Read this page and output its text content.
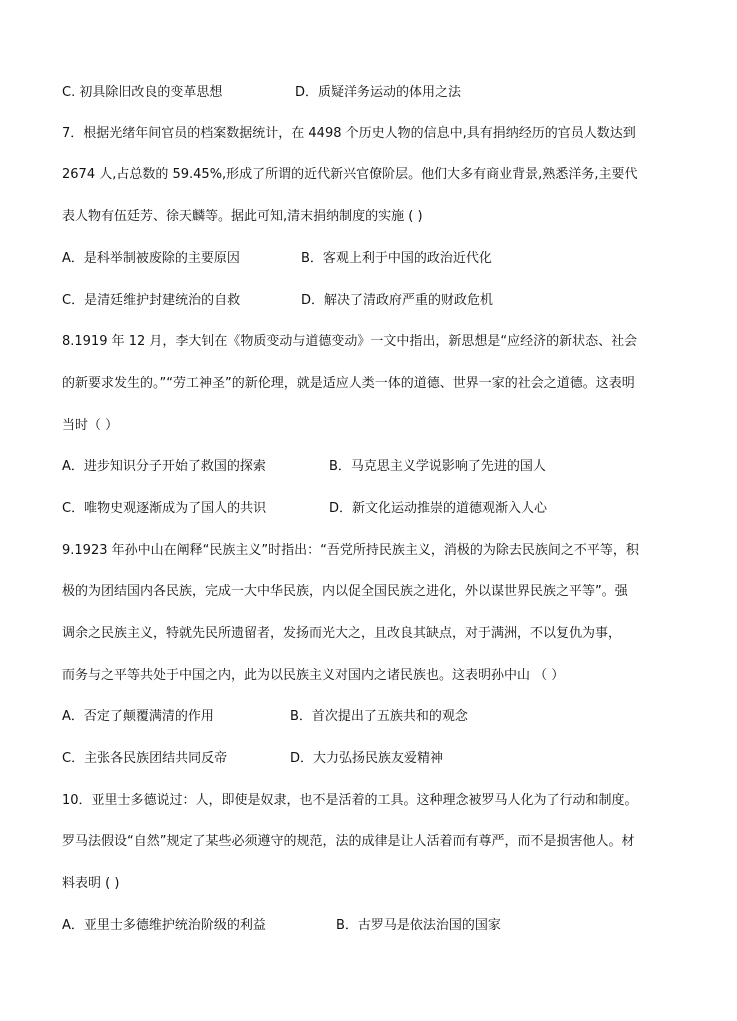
C. 初具除旧改良的变革思想	D．质疑洋务运动的体用之法
7．根据光绪年间官员的档案数据统计，在 4498 个历史人物的信息中,具有捐纳经历的官员人数达到
2674 人,占总数的 59.45%,形成了所谓的近代新兴官僚阶层。他们大多有商业背景,熟悉洋务,主要代
表人物有伍廷芳、徐天麟等。据此可知,清末捐纳制度的实施 ( )
A．是科举制被废除的主要原因	B．客观上利于中国的政治近代化
C．是清廷维护封建统治的自救	D．解决了清政府严重的财政危机
8.1919 年 12 月，李大钊在《物质变动与道德变动》一文中指出，新思想是“应经济的新状态、社会
的新要求发生的。”“劳工神圣”的新伦理，就是适应人类一体的道德、世界一家的社会之道德。这表明
当时（ ）
A．进步知识分子开始了救国的探索	B．马克思主义学说影响了先进的国人
C．唯物史观逐渐成为了国人的共识	D．新文化运动推崇的道德观渐入人心
9.1923 年孙中山在阐释“民族主义”时指出：“吾党所持民族主义，消极的为除去民族间之不平等，积
极的为团结国内各民族，完成一大中华民族，内以促全国民族之进化，外以谋世界民族之平等”。强
调余之民族主义，特就先民所遗留者，发扬而光大之，且改良其缺点，对于满洲，不以复仇为事，
而务与之平等共处于中国之内，此为以民族主义对国内之诸民族也。这表明孙中山 （ ）
A．否定了颠覆满清的作用	B．首次提出了五族共和的观念
C．主张各民族团结共同反帝	D．大力弘扬民族友爱精神
10．亚里士多德说过：人，即使是奴隶，也不是活着的工具。这种理念被罗马人化为了行动和制度。
罗马法假设“自然”规定了某些必须遵守的规范，法的成律是让人活着而有尊严，而不是损害他人。材
料表明 ( )
A．亚里士多德维护统治阶级的利益	B．古罗马是依法治国的国家
